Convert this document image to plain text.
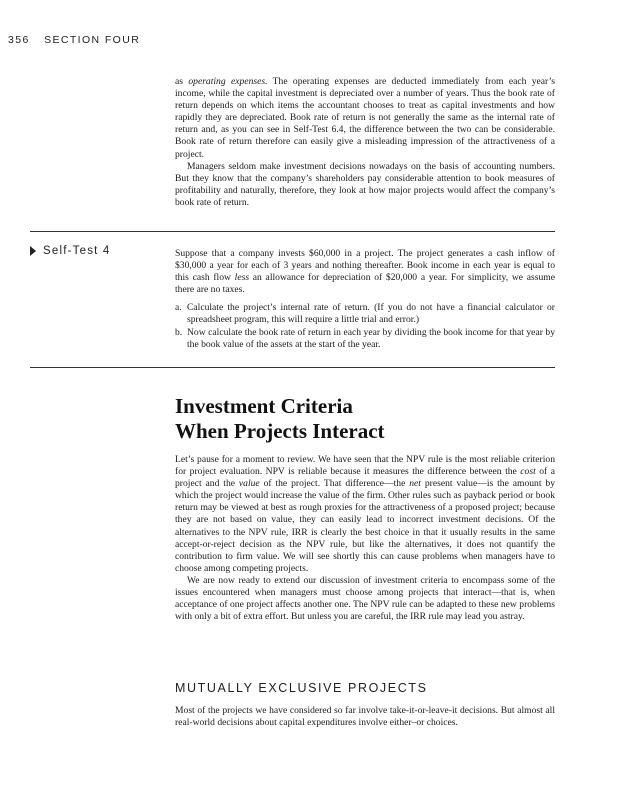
356 SECTION FOUR

as operating expenses. The operating expenses are deducted immediately from each year’s income, while the capital investment is depreciated over a number of years. Thus the book rate of return depends on which items the accountant chooses to treat as capital investments and how rapidly they are depreciated. Book rate of return is not generally the same as the internal rate of return and, as you can see in Self-Test 6.4, the difference between the two can be considerable. Book rate of return therefore can easily give a misleading impression of the attractiveness of a project.

Managers seldom make investment decisions nowadays on the basis of accounting numbers. But they know that the company’s shareholders pay considerable attention to book measures of profitability and naturally, therefore, they look at how major projects would affect the company’s book rate of return.

Self-Test 4	Suppose that a company invests $60,000 in a project. The project generates a cash inflow of $30,000 a year for each of 3 years and nothing thereafter. Book income in each year is equal to this cash flow less an allowance for depreciation of $20,000 a year. For simplicity, we assume there are no taxes.

a. Calculate the project’s internal rate of return. (If you do not have a financial calculator or spreadsheet program, this will require a little trial and error.)
b. Now calculate the book rate of return in each year by dividing the book income for that year by the book value of the assets at the start of the year.
Investment Criteria
When Projects Interact

Let’s pause for a moment to review. We have seen that the NPV rule is the most reliable criterion for project evaluation. NPV is reliable because it measures the difference between the cost of a project and the value of the project. That difference—the net present value—is the amount by which the project would increase the value of the firm. Other rules such as payback period or book return may be viewed at best as rough proxies for the attractiveness of a proposed project; because they are not based on value, they can easily lead to incorrect investment decisions. Of the alternatives to the NPV rule, IRR is clearly the best choice in that it usually results in the same accept-or-reject decision as the NPV rule, but like the alternatives, it does not quantify the contribution to firm value. We will see shortly this can cause problems when managers have to choose among competing projects.

We are now ready to extend our discussion of investment criteria to encompass some of the issues encountered when managers must choose among projects that interact—that is, when acceptance of one project affects another one. The NPV rule can be adapted to these new problems with only a bit of extra effort. But unless you are careful, the IRR rule may lead you astray.

MUTUALLY EXCLUSIVE PROJECTS

Most of the projects we have considered so far involve take-it-or-leave-it decisions. But almost all real-world decisions about capital expenditures involve either–or choices.
